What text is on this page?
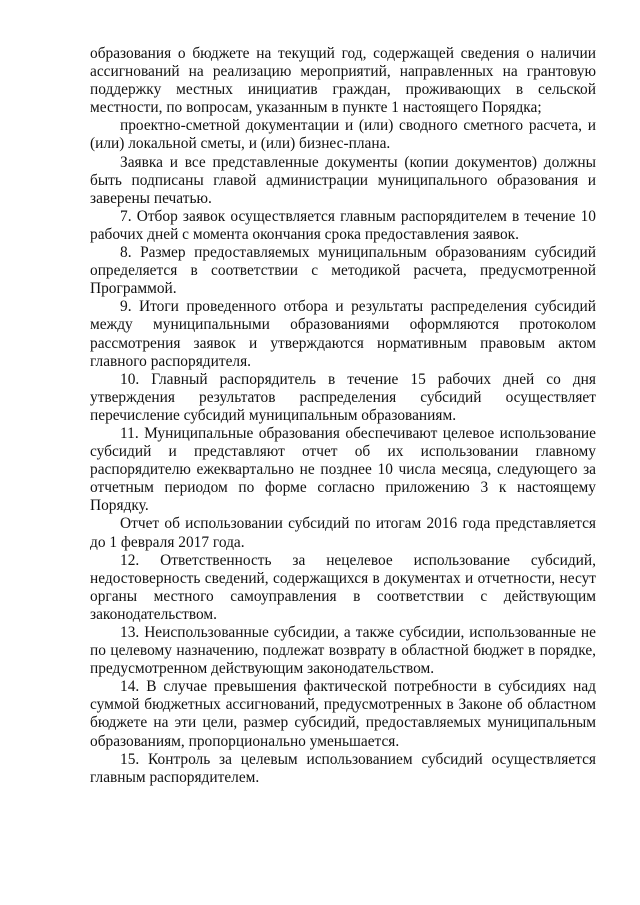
образования о бюджете на текущий год, содержащей сведения о наличии ассигнований на реализацию мероприятий, направленных на грантовую поддержку местных инициатив граждан, проживающих в сельской местности, по вопросам, указанным в пункте 1 настоящего Порядка;

проектно-сметной документации и (или) сводного сметного расчета, и (или) локальной сметы, и (или) бизнес-плана.

Заявка и все представленные документы (копии документов) должны быть подписаны главой администрации муниципального образования и заверены печатью.

7. Отбор заявок осуществляется главным распорядителем в течение 10 рабочих дней с момента окончания срока предоставления заявок.

8. Размер предоставляемых муниципальным образованиям субсидий определяется в соответствии с методикой расчета, предусмотренной Программой.

9. Итоги проведенного отбора и результаты распределения субсидий между муниципальными образованиями оформляются протоколом рассмотрения заявок и утверждаются нормативным правовым актом главного распорядителя.

10. Главный распорядитель в течение 15 рабочих дней со дня утверждения результатов распределения субсидий осуществляет перечисление субсидий муниципальным образованиям.

11. Муниципальные образования обеспечивают целевое использование субсидий и представляют отчет об их использовании главному распорядителю ежеквартально не позднее 10 числа месяца, следующего за отчетным периодом по форме согласно приложению 3 к настоящему Порядку.

Отчет об использовании субсидий по итогам 2016 года представляется до 1 февраля 2017 года.

12. Ответственность за нецелевое использование субсидий, недостоверность сведений, содержащихся в документах и отчетности, несут органы местного самоуправления в соответствии с действующим законодательством.

13. Неиспользованные субсидии, а также субсидии, использованные не по целевому назначению, подлежат возврату в областной бюджет в порядке, предусмотренном действующим законодательством.

14. В случае превышения фактической потребности в субсидиях над суммой бюджетных ассигнований, предусмотренных в Законе об областном бюджете на эти цели, размер субсидий, предоставляемых муниципальным образованиям, пропорционально уменьшается.

15. Контроль за целевым использованием субсидий осуществляется главным распорядителем.
